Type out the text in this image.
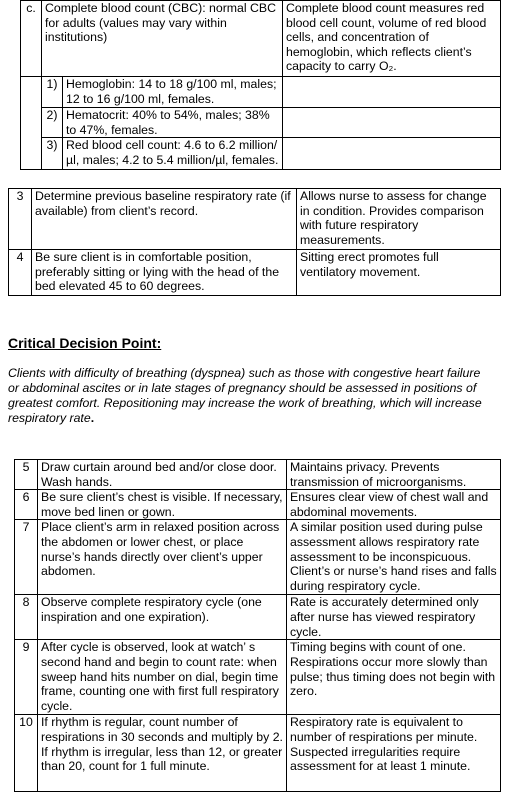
c.	Complete blood count (CBC): normal CBC for adults (values may vary within institutions)	Complete blood count measures red blood cell count, volume of red blood cells, and concentration of hemoglobin, which reflects client’s capacity to carry O₂.
	1)	Hemoglobin: 14 to 18 g/100 ml, males; 12 to 16 g/100 ml, females.	
	2)	Hematocrit: 40% to 54%, males; 38% to 47%, females.	
	3)	Red blood cell count: 4.6 to 6.2 million/µl, males; 4.2 to 5.4 million/µl, females.	
3	Determine previous baseline respiratory rate (if available) from client’s record.	Allows nurse to assess for change in condition. Provides comparison with future respiratory measurements.
4	Be sure client is in comfortable position, preferably sitting or lying with the head of the bed elevated 45 to 60 degrees.	Sitting erect promotes full ventilatory movement.
Critical Decision Point:
Clients with difficulty of breathing (dyspnea) such as those with congestive heart failure or abdominal ascites or in late stages of pregnancy should be assessed in positions of greatest comfort. Repositioning may increase the work of breathing, which will increase respiratory rate.
5	Draw curtain around bed and/or close door. Wash hands.	Maintains privacy. Prevents transmission of microorganisms.
6	Be sure client’s chest is visible. If necessary, move bed linen or gown.	Ensures clear view of chest wall and abdominal movements.
7	Place client’s arm in relaxed position across the abdomen or lower chest, or place nurse’s hands directly over client’s upper abdomen.	A similar position used during pulse assessment allows respiratory rate assessment to be inconspicuous. Client’s or nurse’s hand rises and falls during respiratory cycle.
8	Observe complete respiratory cycle (one inspiration and one expiration).	Rate is accurately determined only after nurse has viewed respiratory cycle.
9	After cycle is observed, look at watch’ s second hand and begin to count rate: when sweep hand hits number on dial, begin time frame, counting one with first full respiratory cycle.	Timing begins with count of one. Respirations occur more slowly than pulse; thus timing does not begin with zero.
10	If rhythm is regular, count number of respirations in 30 seconds and multiply by 2. If rhythm is irregular, less than 12, or greater than 20, count for 1 full minute.	Respiratory rate is equivalent to number of respirations per minute. Suspected irregularities require assessment for at least 1 minute.
